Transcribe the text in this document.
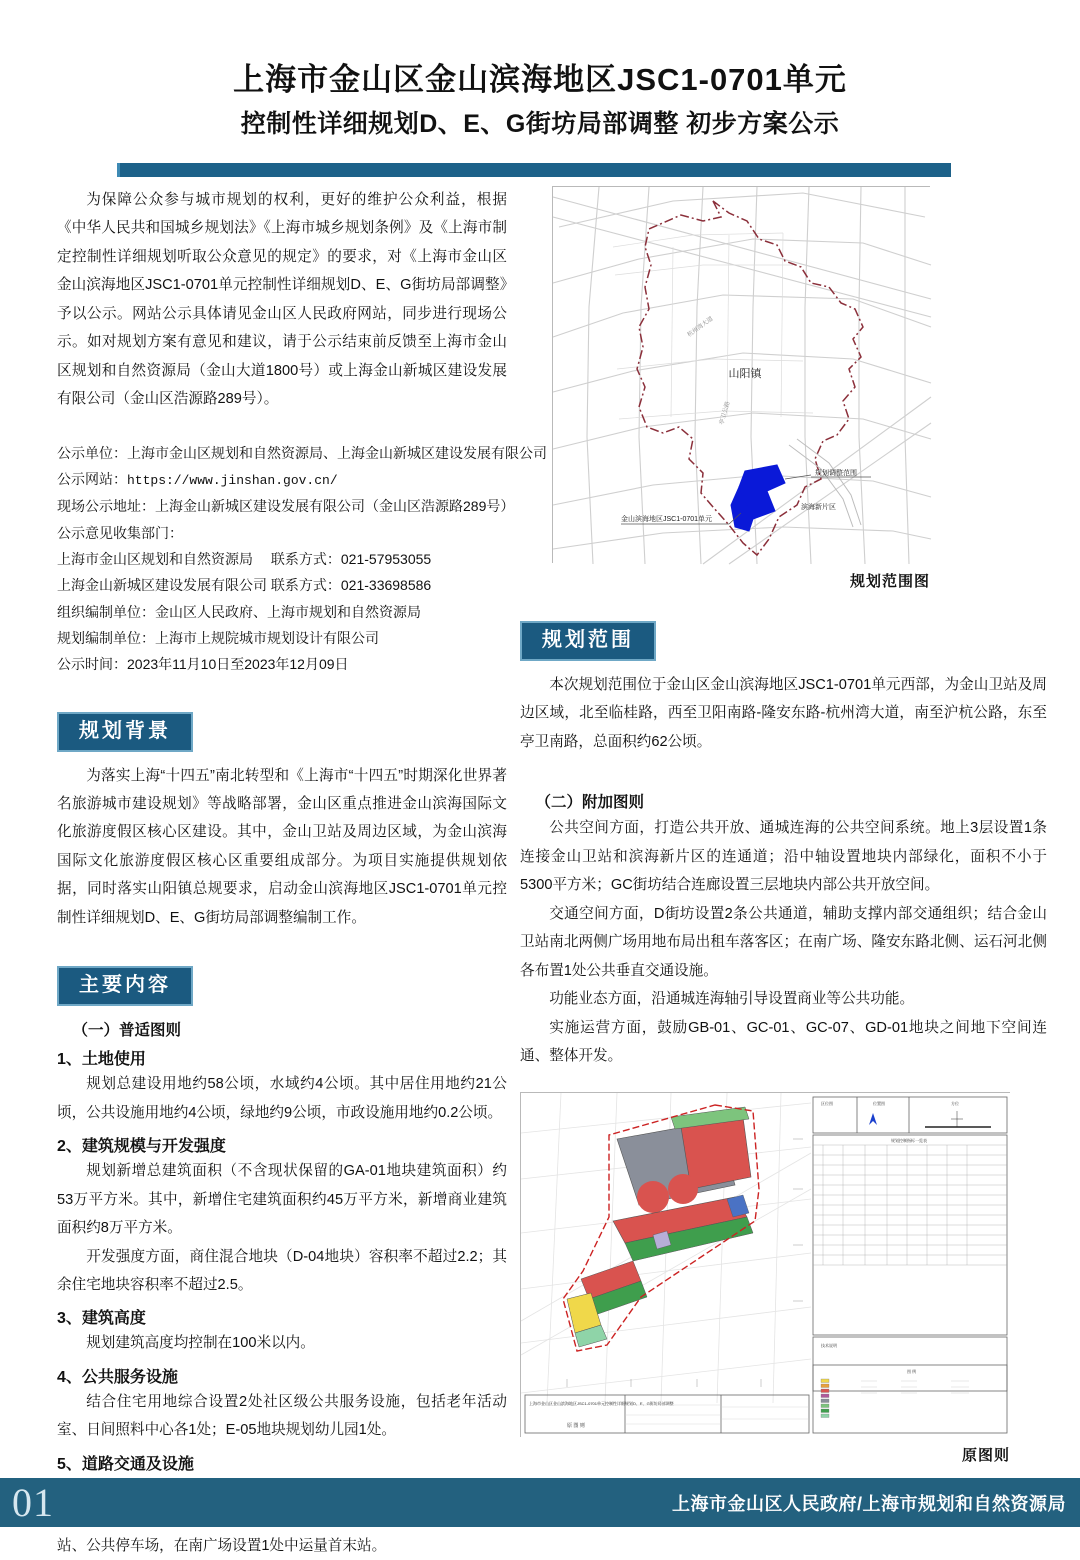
上海市金山区金山滨海地区JSC1-0701单元
控制性详细规划D、E、G街坊局部调整 初步方案公示

为保障公众参与城市规划的权利，更好的维护公众利益，根据《中华人民共和国城乡规划法》《上海市城乡规划条例》及《上海市制定控制性详细规划听取公众意见的规定》的要求，对《上海市金山区金山滨海地区JSC1-0701单元控制性详细规划D、E、G街坊局部调整》予以公示。网站公示具体请见金山区人民政府网站，同步进行现场公示。如对规划方案有意见和建议，请于公示结束前反馈至上海市金山区规划和自然资源局（金山大道1800号）或上海金山新城区建设发展有限公司（金山区浩源路289号）。

公示单位：上海市金山区规划和自然资源局、上海金山新城区建设发展有限公司
公示网站：https://www.jinshan.gov.cn/
现场公示地址：上海金山新城区建设发展有限公司（金山区浩源路289号）
公示意见收集部门：
上海市金山区规划和自然资源局　 联系方式：021-57953055
上海金山新城区建设发展有限公司 联系方式：021-33698586
组织编制单位：金山区人民政府、上海市规划和自然资源局
规划编制单位：上海市上规院城市规划设计有限公司
公示时间：2023年11月10日至2023年12月09日
规划背景

为落实上海“十四五”南北转型和《上海市“十四五”时期深化世界著名旅游城市建设规划》等战略部署，金山区重点推进金山滨海国际文化旅游度假区核心区建设。其中，金山卫站及周边区域，为金山滨海国际文化旅游度假区核心区重要组成部分。为项目实施提供规划依据，同时落实山阳镇总规要求，启动金山滨海地区JSC1-0701单元控制性详细规划D、E、G街坊局部调整编制工作。

主要内容
（一）普适图则
1、土地使用

规划总建设用地约58公顷，水域约4公顷。其中居住用地约21公顷，公共设施用地约4公顷，绿地约9公顷，市政设施用地约0.2公顷。

2、建筑规模与开发强度

规划新增总建筑面积（不含现状保留的GA-01地块建筑面积）约53万平方米。其中，新增住宅建筑面积约45万平方米，新增商业建筑面积约8万平方米。

开发强度方面，商住混合地块（D-04地块）容积率不超过2.2；其余住宅地块容积率不超过2.5。

3、建筑高度

规划建筑高度均控制在100米以内。

4、公共服务设施

结合住宅用地综合设置2处社区级公共服务设施，包括老年活动室、日间照料中心各1处；E-05地块规划幼儿园1处。

5、道路交通及设施

站、公共停车场，在南广场设置1处中运量首末站。

山阳镇
滨海新片区
规划调整范围
金山滨海地区JSC1-0701单元
杭州湾大道
亭卫公路
规划范围图
规划范围

本次规划范围位于金山区金山滨海地区JSC1-0701单元西部，为金山卫站及周边区域，北至临桂路，西至卫阳南路-隆安东路-杭州湾大道，南至沪杭公路，东至亭卫南路，总面积约62公顷。

（二）附加图则

公共空间方面，打造公共开放、通城连海的公共空间系统。地上3层设置1条连接金山卫站和滨海新片区的连通道；沿中轴设置地块内部绿化，面积不小于5300平方米；GC街坊结合连廊设置三层地块内部公共开放空间。

交通空间方面，D街坊设置2条公共通道，辅助支撑内部交通组织；结合金山卫站南北两侧广场用地布局出租车落客区；在南广场、隆安东路北侧、运石河北侧各布置1处公共垂直交通设施。

功能业态方面，沿通城连海轴引导设置商业等公共功能。

实施运营方面，鼓励GB-01、GC-01、GC-07、GD-01地块之间地下空间连通、整体开发。

区位图	位置图	方位
规划控制指标一览表
技术说明
图 例
上海市金山区金山滨海地区JSC1-0701单元控制性详细规划D、E、G街坊局部调整
原 图 则
原图则
01	上海市金山区人民政府/上海市规划和自然资源局
